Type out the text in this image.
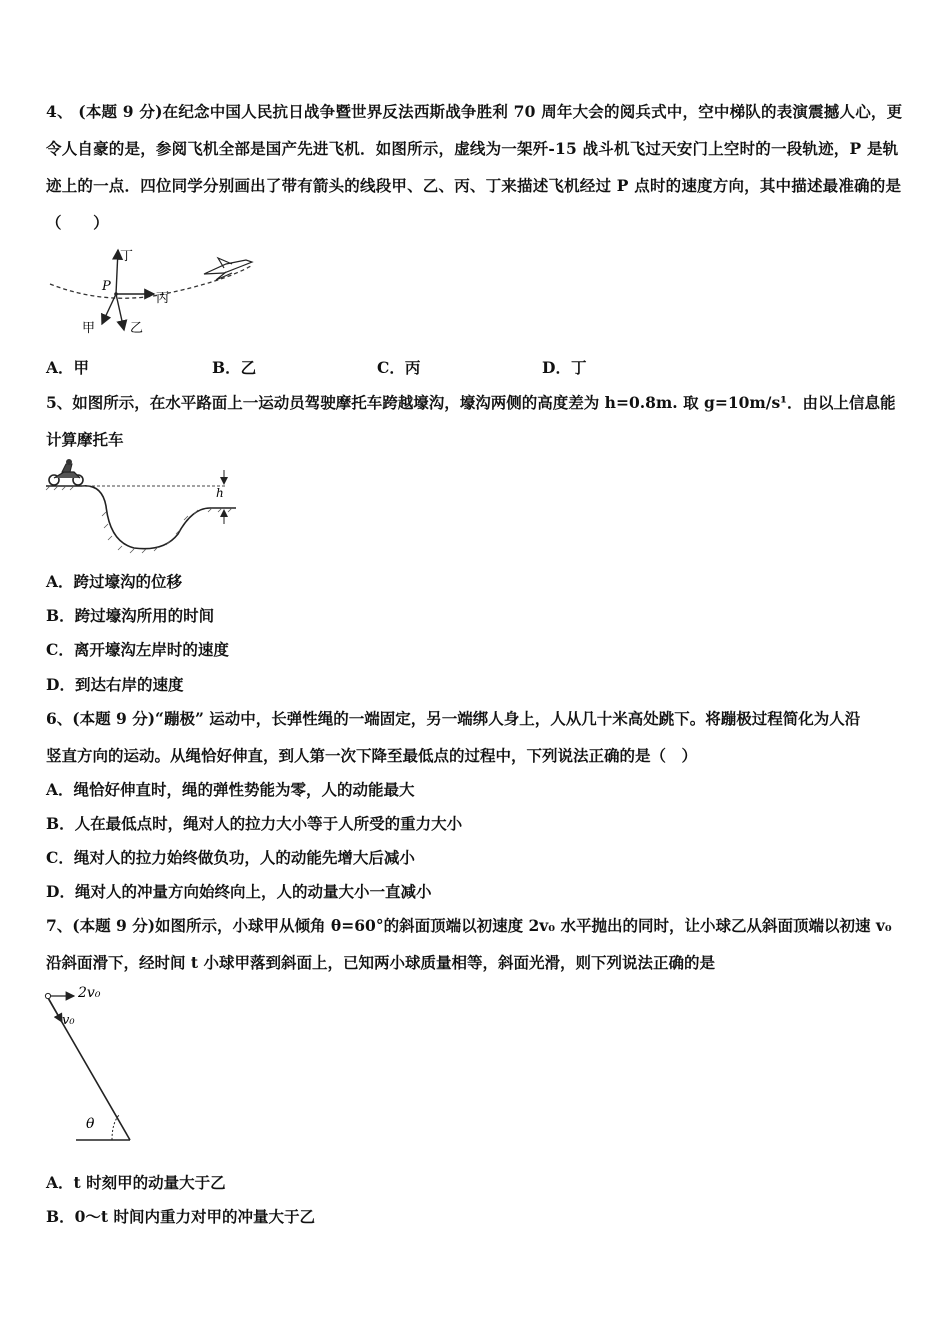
4、 (本题 9 分)在纪念中国人民抗日战争暨世界反法西斯战争胜利 70 周年大会的阅兵式中，空中梯队的表演震撼人心，更令人自豪的是，参阅飞机全部是国产先进飞机．如图所示，虚线为一架歼-15 战斗机飞过天安门上空时的一段轨迹，P 是轨迹上的一点．四位同学分别画出了带有箭头的线段甲、乙、丙、丁来描述飞机经过 P 点时的速度方向，其中描述最准确的是（　　）
丁
P
丙
甲	乙
A．甲	B．乙	C．丙	D．丁
5、如图所示，在水平路面上一运动员驾驶摩托车跨越壕沟，壕沟两侧的高度差为 h=0.8m. 取 g=10m/s¹．由以上信息能
计算摩托车
h
A．跨过壕沟的位移
B．跨过壕沟所用的时间
C．离开壕沟左岸时的速度
D．到达右岸的速度
6、(本题 9 分)“蹦极” 运动中，长弹性绳的一端固定，另一端绑人身上，人从几十米高处跳下。将蹦极过程简化为人沿
竖直方向的运动。从绳恰好伸直，到人第一次下降至最低点的过程中，下列说法正确的是（　）
A．绳恰好伸直时，绳的弹性势能为零，人的动能最大
B．人在最低点时，绳对人的拉力大小等于人所受的重力大小
C．绳对人的拉力始终做负功，人的动能先增大后减小
D．绳对人的冲量方向始终向上，人的动量大小一直减小
7、(本题 9 分)如图所示，小球甲从倾角 θ=60°的斜面顶端以初速度 2v₀ 水平抛出的同时，让小球乙从斜面顶端以初速 v₀
沿斜面滑下，经时间 t 小球甲落到斜面上，已知两小球质量相等，斜面光滑，则下列说法正确的是
2v₀
v₀
θ
A．t 时刻甲的动量大于乙
B．0～t 时间内重力对甲的冲量大于乙
